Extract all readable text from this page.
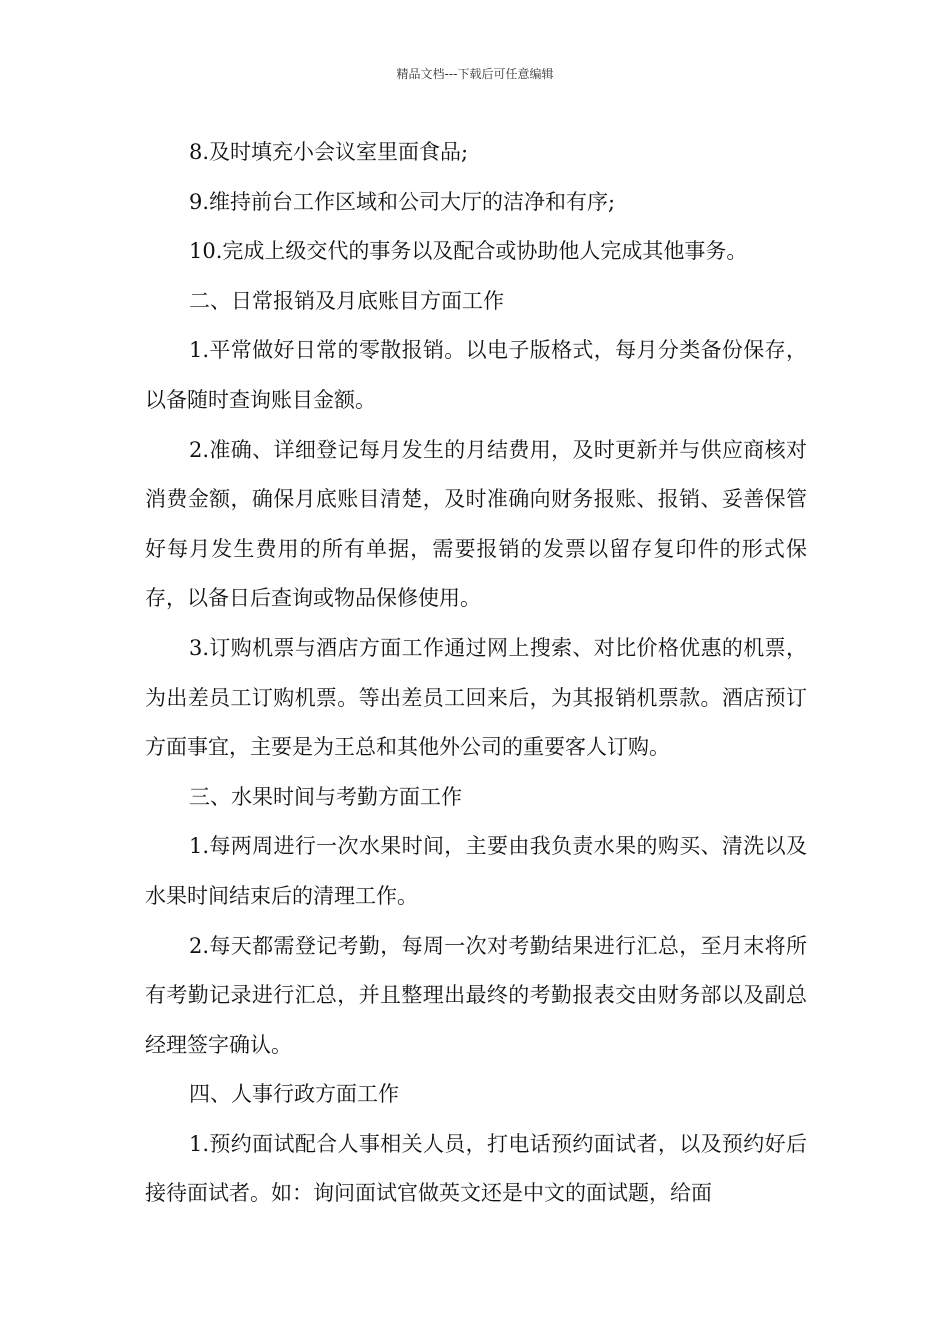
精品文档---下载后可任意编辑

8.及时填充小会议室里面食品;

9.维持前台工作区域和公司大厅的洁净和有序;

10.完成上级交代的事务以及配合或协助他人完成其他事务。

二、日常报销及月底账目方面工作

1.平常做好日常的零散报销。以电子版格式，每月分类备份保存，以备随时查询账目金额。

2.准确、详细登记每月发生的月结费用，及时更新并与供应商核对消费金额，确保月底账目清楚，及时准确向财务报账、报销、妥善保管好每月发生费用的所有单据，需要报销的发票以留存复印件的形式保存，以备日后查询或物品保修使用。

3.订购机票与酒店方面工作通过网上搜索、对比价格优惠的机票，为出差员工订购机票。等出差员工回来后，为其报销机票款。酒店预订方面事宜，主要是为王总和其他外公司的重要客人订购。

三、水果时间与考勤方面工作

1.每两周进行一次水果时间，主要由我负责水果的购买、清洗以及水果时间结束后的清理工作。

2.每天都需登记考勤，每周一次对考勤结果进行汇总，至月末将所有考勤记录进行汇总，并且整理出最终的考勤报表交由财务部以及副总经理签字确认。

四、人事行政方面工作

1.预约面试配合人事相关人员，打电话预约面试者，以及预约好后接待面试者。如：询问面试官做英文还是中文的面试题，给面
